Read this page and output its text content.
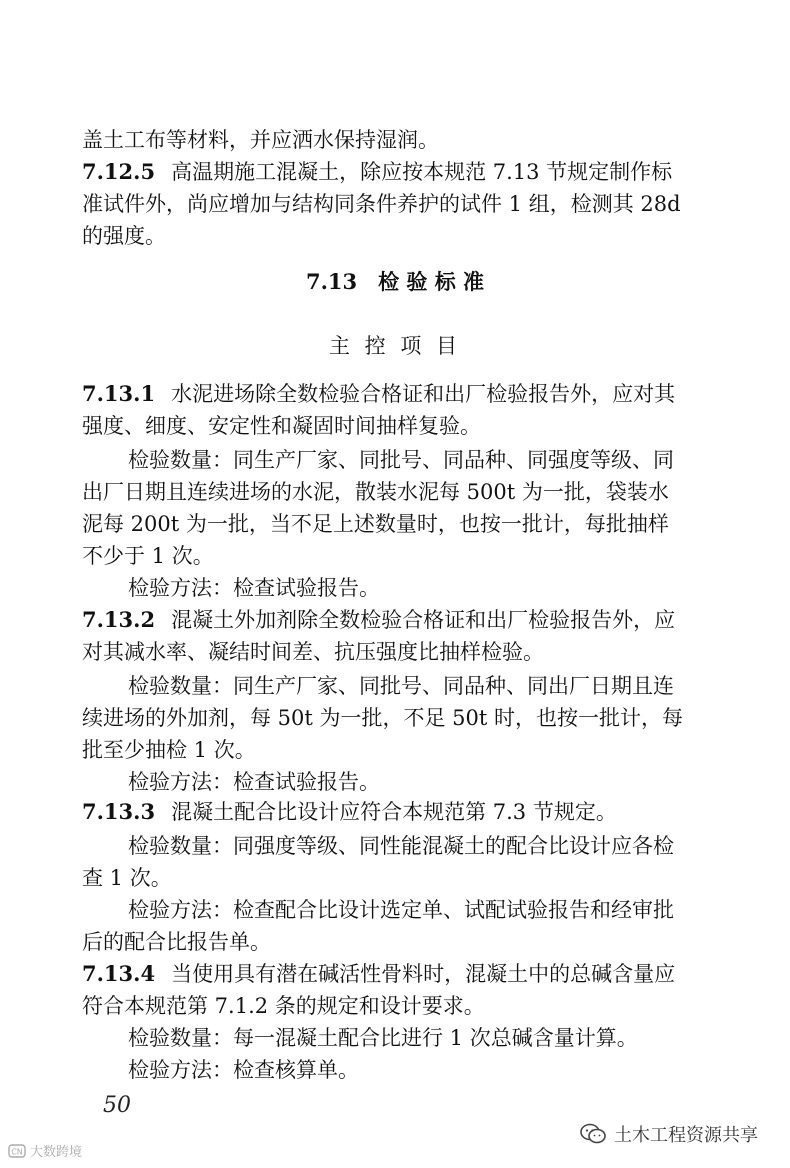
盖土工布等材料，并应洒水保持湿润。
7.12.5 高温期施工混凝土，除应按本规范 7.13 节规定制作标
准试件外，尚应增加与结构同条件养护的试件 1 组，检测其 28d
的强度。
7.13　检 验 标 准
主 控 项 目
7.13.1 水泥进场除全数检验合格证和出厂检验报告外，应对其
强度、细度、安定性和凝固时间抽样复验。
检验数量：同生产厂家、同批号、同品种、同强度等级、同
出厂日期且连续进场的水泥，散装水泥每 500t 为一批，袋装水
泥每 200t 为一批，当不足上述数量时，也按一批计，每批抽样
不少于 1 次。
检验方法：检查试验报告。
7.13.2 混凝土外加剂除全数检验合格证和出厂检验报告外，应
对其减水率、凝结时间差、抗压强度比抽样检验。
检验数量：同生产厂家、同批号、同品种、同出厂日期且连
续进场的外加剂，每 50t 为一批，不足 50t 时，也按一批计，每
批至少抽检 1 次。
检验方法：检查试验报告。
7.13.3 混凝土配合比设计应符合本规范第 7.3 节规定。
检验数量：同强度等级、同性能混凝土的配合比设计应各检
查 1 次。
检验方法：检查配合比设计选定单、试配试验报告和经审批
后的配合比报告单。
7.13.4 当使用具有潜在碱活性骨料时，混凝土中的总碱含量应
符合本规范第 7.1.2 条的规定和设计要求。
检验数量：每一混凝土配合比进行 1 次总碱含量计算。
检验方法：检查核算单。
50
土木工程资源共享
CN 大数跨境
